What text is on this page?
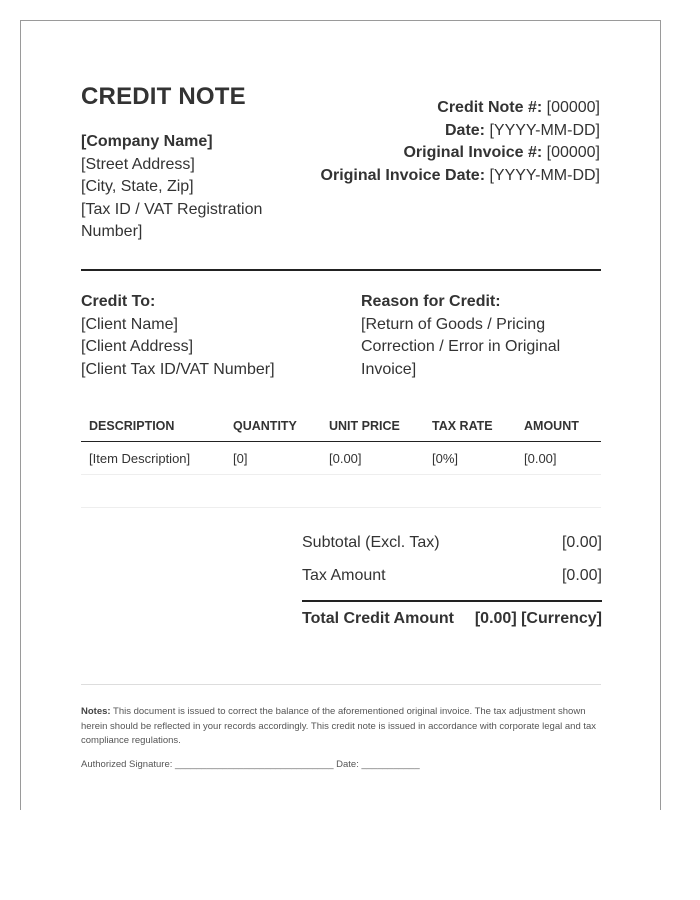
CREDIT NOTE
[Company Name]
[Street Address]
[City, State, Zip]
[Tax ID / VAT Registration Number]
Credit Note #: [00000]
Date: [YYYY-MM-DD]
Original Invoice #: [00000]
Original Invoice Date: [YYYY-MM-DD]
Credit To:
[Client Name]
[Client Address]
[Client Tax ID/VAT Number]
Reason for Credit:
[Return of Goods / Pricing Correction / Error in Original Invoice]
DESCRIPTION	QUANTITY	UNIT PRICE	TAX RATE	AMOUNT
[Item Description]	[0]	[0.00]	[0%]	[0.00]
Subtotal (Excl. Tax)	[0.00]
Tax Amount	[0.00]
Total Credit Amount [0.00] [Currency]
Notes: This document is issued to correct the balance of the aforementioned original invoice. The tax adjustment shown herein should be reflected in your records accordingly. This credit note is issued in accordance with corporate legal and tax compliance regulations.
Authorized Signature: ______________________________ Date: ___________
